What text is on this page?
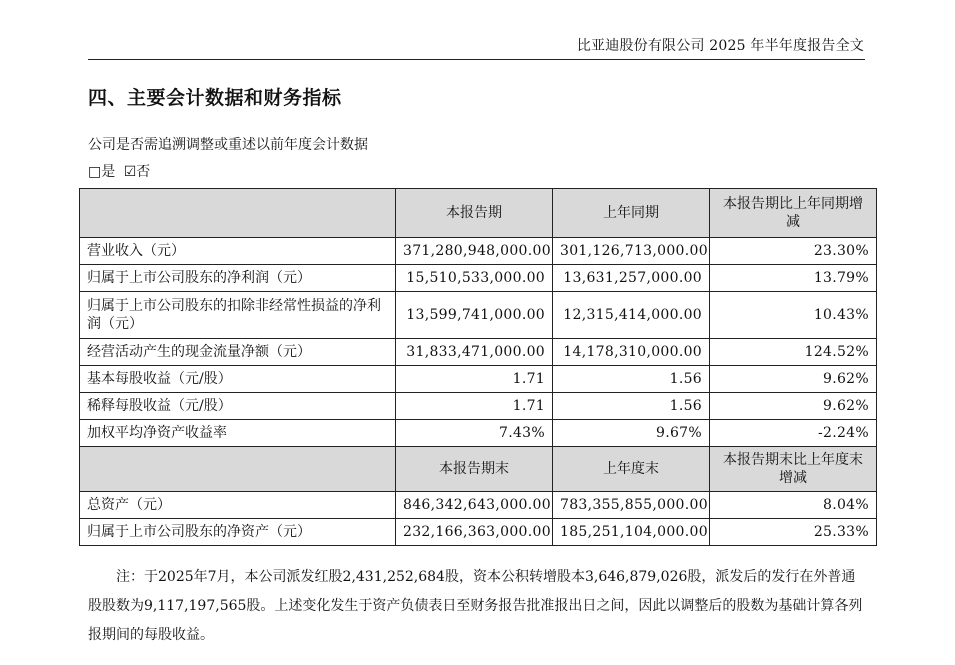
比亚迪股份有限公司 2025 年半年度报告全文
四、主要会计数据和财务指标
公司是否需追溯调整或重述以前年度会计数据
□是 ☑否
	本报告期	上年同期	本报告期比上年同期增减
营业收入（元）	371,280,948,000.00	301,126,713,000.00	23.30%
归属于上市公司股东的净利润（元）	15,510,533,000.00	13,631,257,000.00	13.79%
归属于上市公司股东的扣除非经常性损益的净利润（元）	13,599,741,000.00	12,315,414,000.00	10.43%
经营活动产生的现金流量净额（元）	31,833,471,000.00	14,178,310,000.00	124.52%
基本每股收益（元/股）	1.71	1.56	9.62%
稀释每股收益（元/股）	1.71	1.56	9.62%
加权平均净资产收益率	7.43%	9.67%	-2.24%
	本报告期末	上年度末	本报告期末比上年度末增减
总资产（元）	846,342,643,000.00	783,355,855,000.00	8.04%
归属于上市公司股东的净资产（元）	232,166,363,000.00	185,251,104,000.00	25.33%
注：于2025年7月，本公司派发红股2,431,252,684股，资本公积转增股本3,646,879,026股，派发后的发行在外普通股股数为9,117,197,565股。上述变化发生于资产负债表日至财务报告批准报出日之间，因此以调整后的股数为基础计算各列报期间的每股收益。
